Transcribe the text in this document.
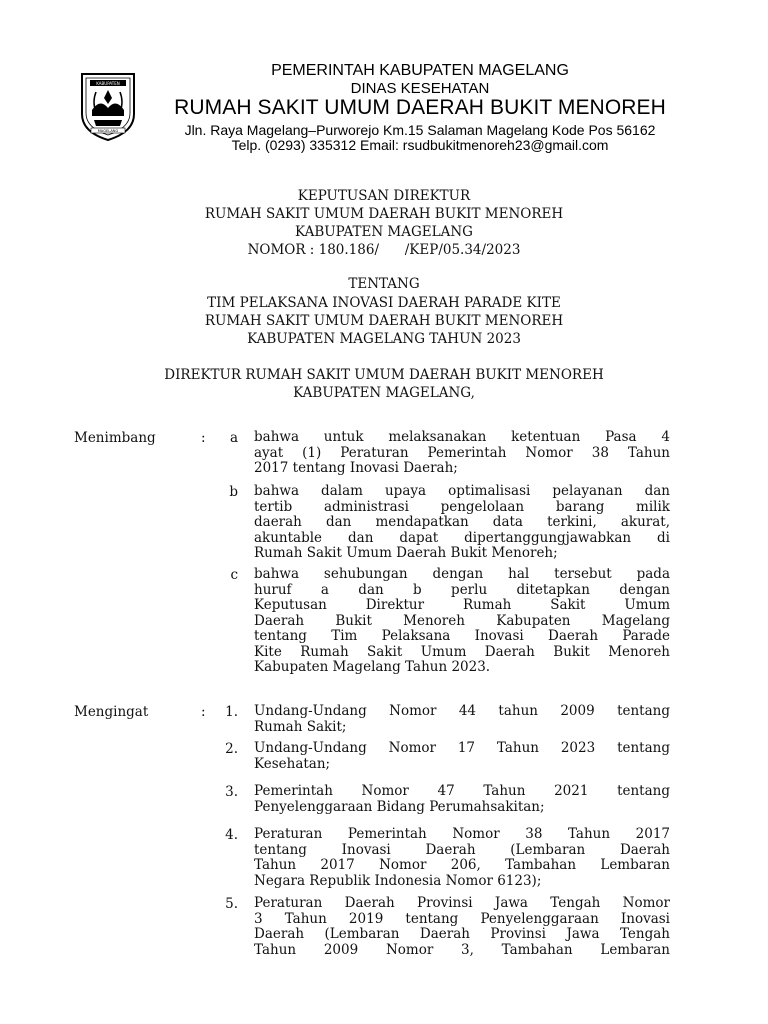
KABUPATEN
MAGELANG
PEMERINTAH KABUPATEN MAGELANG
DINAS KESEHATAN
RUMAH SAKIT UMUM DAERAH BUKIT MENOREH
Jln. Raya Magelang–Purworejo Km.15 Salaman Magelang Kode Pos 56162
Telp. (0293) 335312 Email: rsudbukitmenoreh23@gmail.com
KEPUTUSAN DIREKTUR
RUMAH SAKIT UMUM DAERAH BUKIT MENOREH
KABUPATEN MAGELANG
NOMOR : 180.186/      /KEP/05.34/2023
TENTANG
TIM PELAKSANA INOVASI DAERAH PARADE KITE
RUMAH SAKIT UMUM DAERAH BUKIT MENOREH
KABUPATEN MAGELANG TAHUN 2023
DIREKTUR RUMAH SAKIT UMUM DAERAH BUKIT MENOREH
KABUPATEN MAGELANG,
Menimbang	:	a bahwa untuk melaksanakan ketentuan Pasa 4
ayat (1) Peraturan Pemerintah Nomor 38 Tahun
2017 tentang Inovasi Daerah;
b bahwa dalam upaya optimalisasi pelayanan dan
tertib administrasi pengelolaan barang milik
daerah dan mendapatkan data terkini, akurat,
akuntable dan dapat dipertanggungjawabkan di
Rumah Sakit Umum Daerah Bukit Menoreh;
c bahwa sehubungan dengan hal tersebut pada
huruf a dan b perlu ditetapkan dengan
Keputusan Direktur Rumah Sakit Umum
Daerah Bukit Menoreh Kabupaten Magelang
tentang Tim Pelaksana Inovasi Daerah Parade
Kite Rumah Sakit Umum Daerah Bukit Menoreh
Kabupaten Magelang Tahun 2023.
Mengingat	:	1. Undang-Undang Nomor 44 tahun 2009 tentang
Rumah Sakit;
2. Undang-Undang Nomor 17 Tahun 2023 tentang
Kesehatan;
3. Pemerintah Nomor 47 Tahun 2021 tentang
Penyelenggaraan Bidang Perumahsakitan;
4. Peraturan Pemerintah Nomor 38 Tahun 2017
tentang Inovasi Daerah (Lembaran Daerah
Tahun 2017 Nomor 206, Tambahan Lembaran
Negara Republik Indonesia Nomor 6123);
5. Peraturan Daerah Provinsi Jawa Tengah Nomor
3 Tahun 2019 tentang Penyelenggaraan Inovasi
Daerah (Lembaran Daerah Provinsi Jawa Tengah
Tahun 2009 Nomor 3, Tambahan Lembaran
